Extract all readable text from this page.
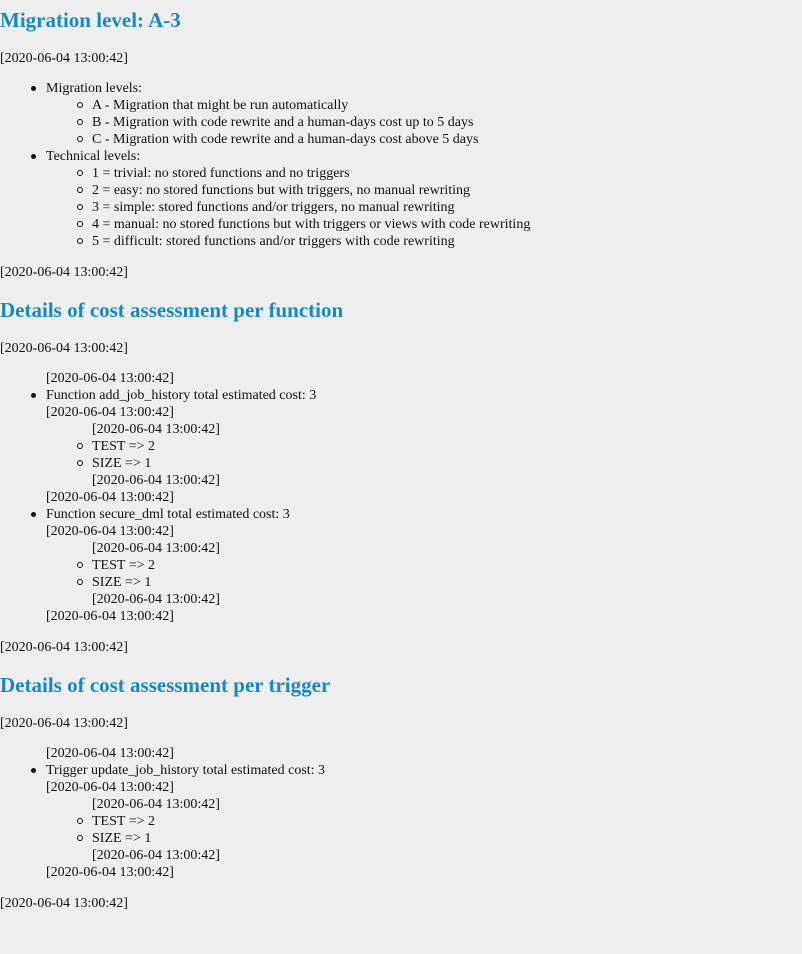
Migration level: A-3
[2020-06-04 13:00:42]
Migration levels:
A - Migration that might be run automatically
B - Migration with code rewrite and a human-days cost up to 5 days
C - Migration with code rewrite and a human-days cost above 5 days
Technical levels:
1 = trivial: no stored functions and no triggers
2 = easy: no stored functions but with triggers, no manual rewriting
3 = simple: stored functions and/or triggers, no manual rewriting
4 = manual: no stored functions but with triggers or views with code rewriting
5 = difficult: stored functions and/or triggers with code rewriting
[2020-06-04 13:00:42]
Details of cost assessment per function
[2020-06-04 13:00:42]
[2020-06-04 13:00:42]
Function add_job_history total estimated cost: 3
[2020-06-04 13:00:42]
[2020-06-04 13:00:42]
TEST => 2
SIZE => 1
[2020-06-04 13:00:42]
[2020-06-04 13:00:42]
Function secure_dml total estimated cost: 3
[2020-06-04 13:00:42]
[2020-06-04 13:00:42]
TEST => 2
SIZE => 1
[2020-06-04 13:00:42]
[2020-06-04 13:00:42]
[2020-06-04 13:00:42]
Details of cost assessment per trigger
[2020-06-04 13:00:42]
[2020-06-04 13:00:42]
Trigger update_job_history total estimated cost: 3
[2020-06-04 13:00:42]
[2020-06-04 13:00:42]
TEST => 2
SIZE => 1
[2020-06-04 13:00:42]
[2020-06-04 13:00:42]
[2020-06-04 13:00:42]
